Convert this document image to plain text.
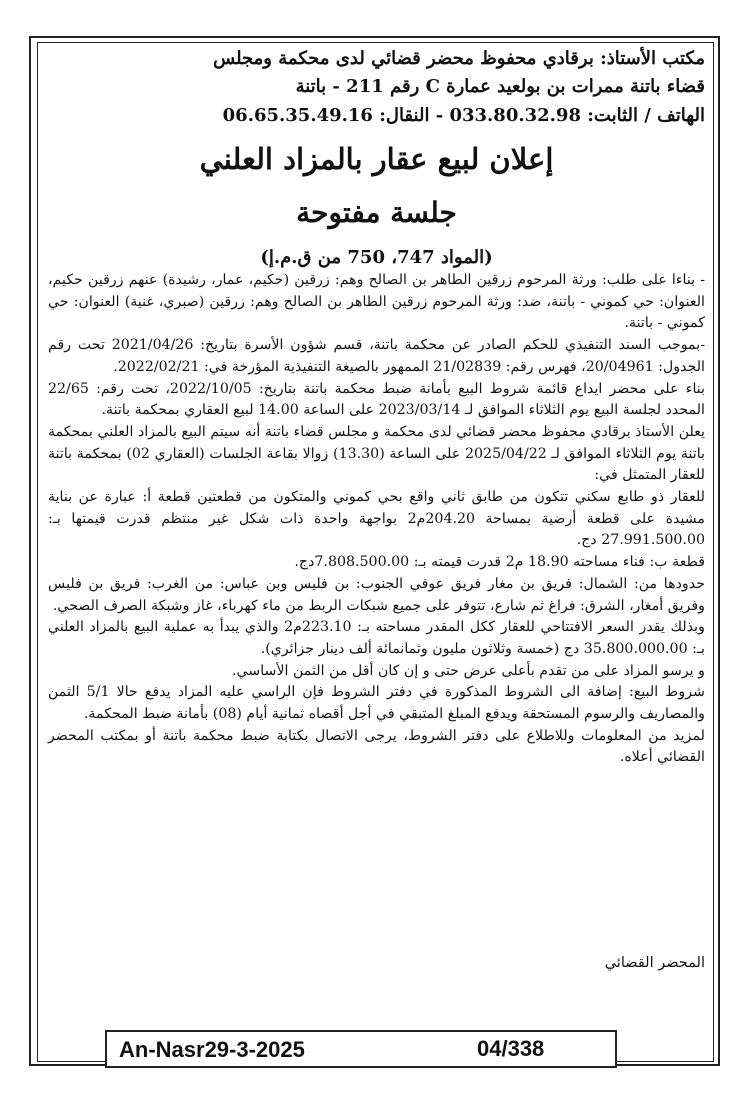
مكتب الأستاذ: برقادي محفوظ محضر قضائي لدى محكمة ومجلس
قضاء باتنة ممرات بن بولعيد عمارة C رقم 211 - باتنة
الهاتف / الثابت: 033.80.32.98 - النقال: 06.65.35.49.16
إعلان لبيع عقار بالمزاد العلني
جلسة مفتوحة
(المواد 747، 750 من ق.م.إ)

- بناءا على طلب: ورثة المرحوم زرقين الطاهر بن الصالح وهم: زرقين (حكيم، عمار، رشيدة) عنهم زرقين حكيم، العنوان: حي كموني - باتنة، ضد: ورثة المرحوم زرقين الطاهر بن الصالح وهم: زرقين (صبري، غنية) العنوان: حي كموني - باتنة.

-بموجب السند التنفيذي للحكم الصادر عن محكمة باتنة، قسم شؤون الأسرة بتاريخ: 2021/04/26 تحت رقم الجدول: 20/04961، فهرس رقم: 21/02839 الممهور بالصيغة التنفيذية المؤرخة في: 2022/02/21.

بناء على محضر ايداع قائمة شروط البيع بأمانة ضبط محكمة باتنة بتاريخ: 2022/10/05، تحت رقم: 22/65 المحدد لجلسة البيع يوم الثلاثاء الموافق لـ 2023/03/14 على الساعة 14.00 لبيع العقاري بمحكمة باتنة.

يعلن الأستاذ برقادي محفوظ محضر قضائي لدى محكمة و مجلس قضاء باتنة أنه سيتم البيع بالمزاد العلني بمحكمة باتنة يوم الثلاثاء الموافق لـ 2025/04/22 على الساعة (13.30) زوالا بقاعة الجلسات (العقاري 02) بمحكمة باتنة للعقار المتمثل في:

للعقار ذو طابع سكني تتكون من طابق ثاني واقع بحي كموني والمتكون من قطعتين قطعة أ: عبارة عن بناية مشيدة على قطعة أرضية بمساحة 204.20م2 بواجهة واحدة ذات شكل غير منتظم قدرت قيمتها بـ: 27.991.500.00 دج.

قطعة ب: فناء مساحته 18.90 م2 قدرت قيمته بـ: 7.808.500.00دج.

حدودها من: الشمال: فريق بن مغار فريق عوفي الجنوب: بن فليس وبن عباس: من الغرب: فريق بن فليس وفريق أمغار، الشرق: فراغ ثم شارع، تتوفر على جميع شبكات الربط من ماء كهرباء، غاز وشبكة الصرف الصحي.

وبذلك يقدر السعر الافتتاحي للعقار ككل المقدر مساحته بـ: 223.10م2 والذي يبدأ به عملية البيع بالمزاد العلني بـ: 35.800.000.00 دج (خمسة وثلاثون مليون وثمانمائة ألف دينار جزائري).

و يرسو المزاد على من تقدم بأعلى عرض حتى و إن كان أقل من الثمن الأساسي.

شروط البيع: إضافة الى الشروط المذكورة في دفتر الشروط فإن الراسي عليه المزاد يدفع حالا 5/1 الثمن والمصاريف والرسوم المستحقة ويدفع المبلغ المتبقي في أجل أقصاه ثمانية أيام (08) بأمانة ضبط المحكمة.

لمزيد من المعلومات وللاطلاع على دفتر الشروط، يرجى الاتصال بكتابة ضبط محكمة باتنة أو بمكتب المحضر القضائي أعلاه.

المحضر القضائي
An-Nasr29-3-2025	04/338
